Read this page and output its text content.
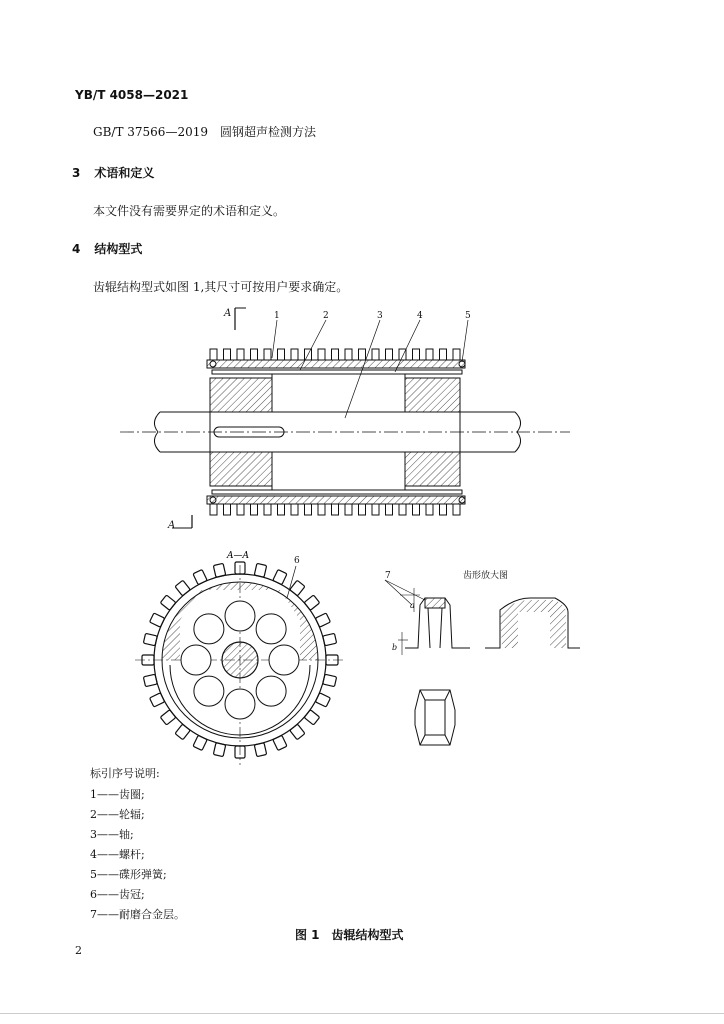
YB/T 4058—2021
GB/T 37566—2019　圆钢超声检测方法
3 术语和定义
本文件没有需要界定的术语和定义。
4 结构型式
齿辊结构型式如图 1,其尺寸可按用户要求确定。
A
A
1	2	3	4	5
6
A—A
7	齿形放大图
a
b
标引序号说明:
1——齿圈;
2——轮辐;
3——轴;
4——螺杆;
5——碟形弹簧;
6——齿冠;
7——耐磨合金层。
图 1　齿辊结构型式
2
